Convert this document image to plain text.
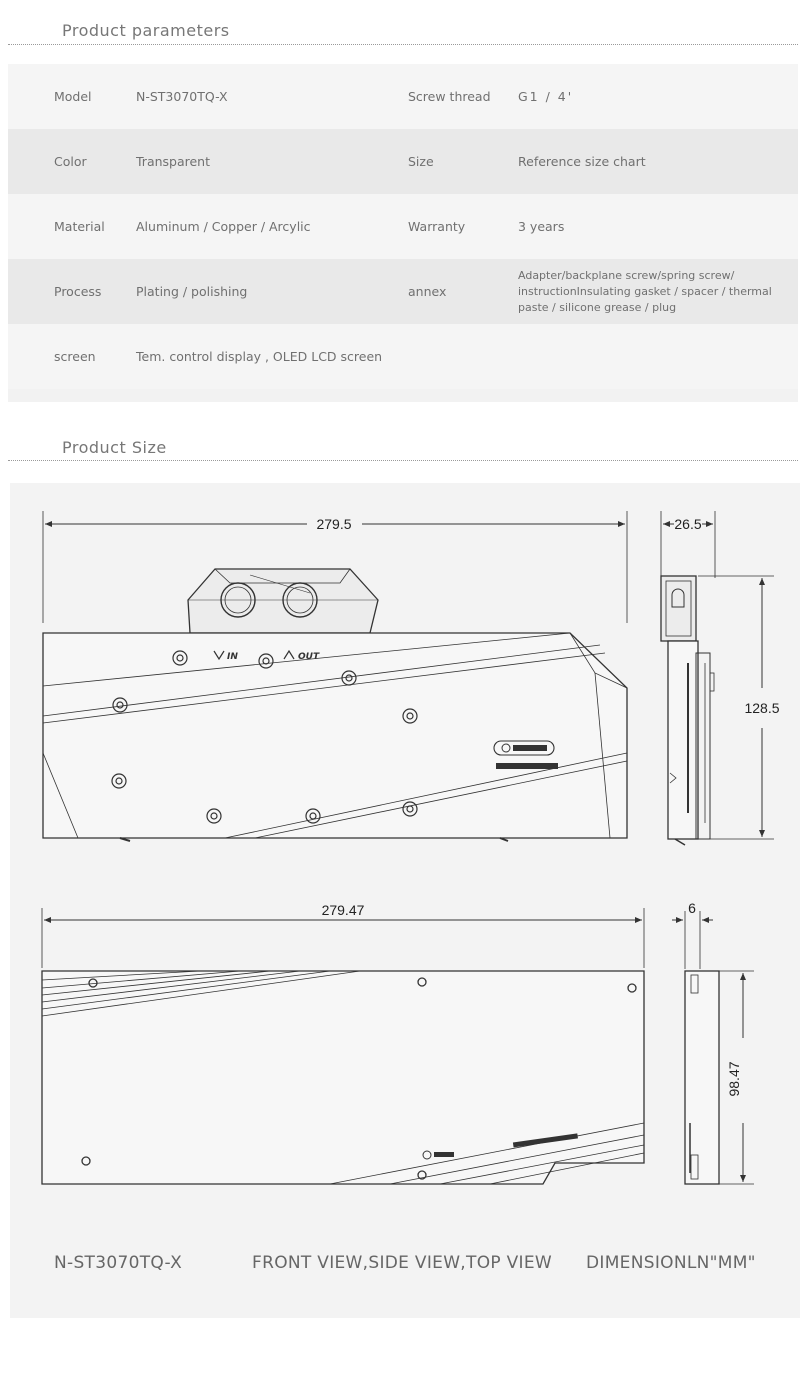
Product parameters
Model	N-ST3070TQ-X	Screw thread	G1 / 4'
Color	Transparent	Size	Reference size chart
Material	Aluminum / Copper / Arcylic	Warranty	3 years
Process	Plating / polishing	annex
Adapter/backplane screw/spring screw/ instructionInsulating gasket / spacer / thermal paste / silicone grease / plug
screen	Tem. control display , OLED LCD screen
Product Size
279.5	26.5
128.5
279.47	6
98.47
IN	OUT
N-ST3070TQ-X	FRONT VIEW,SIDE VIEW,TOP VIEW DIMENSIONLN"MM"
